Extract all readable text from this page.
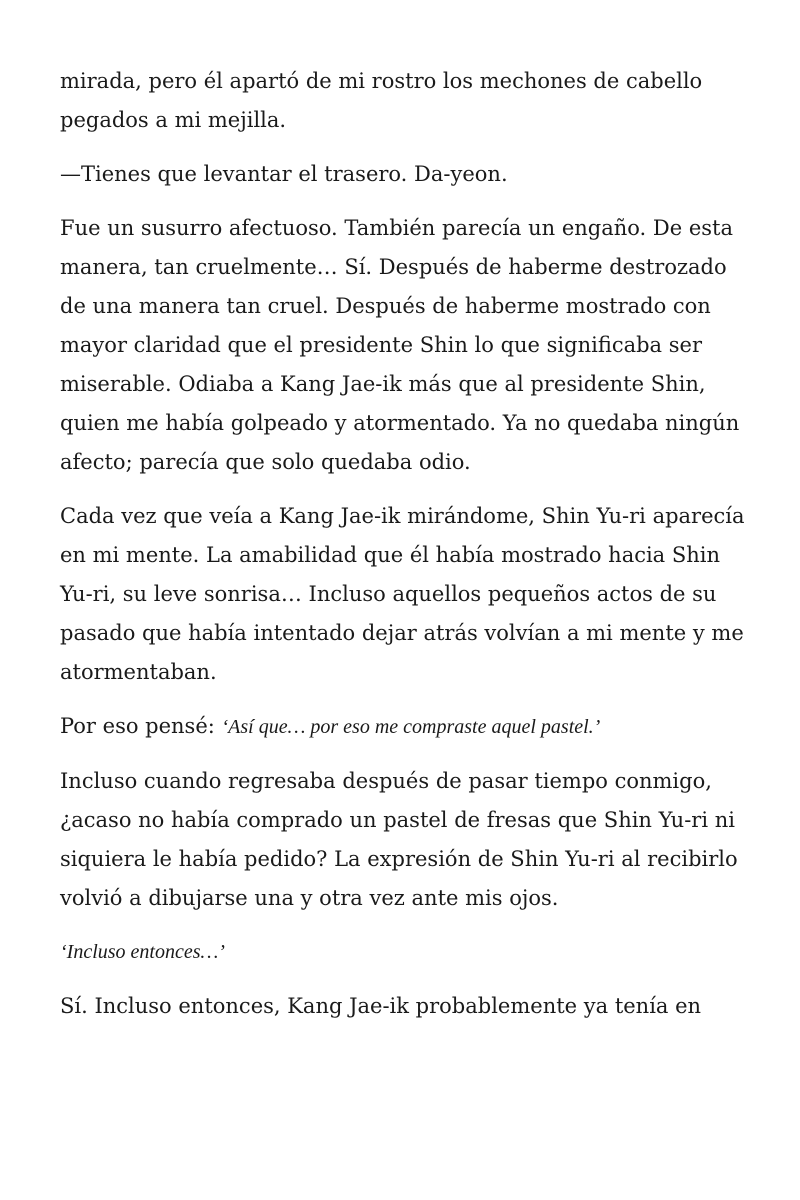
mirada, pero él apartó de mi rostro los mechones de cabello pegados a mi mejilla.

—Tienes que levantar el trasero. Da-yeon.

Fue un susurro afectuoso. También parecía un engaño. De esta manera, tan cruelmente… Sí. Después de haberme destrozado de una manera tan cruel. Después de haberme mostrado con mayor claridad que el presidente Shin lo que significaba ser miserable. Odiaba a Kang Jae-ik más que al presidente Shin, quien me había golpeado y atormentado. Ya no quedaba ningún afecto; parecía que solo quedaba odio.

Cada vez que veía a Kang Jae-ik mirándome, Shin Yu-ri aparecía en mi mente. La amabilidad que él había mostrado hacia Shin Yu-ri, su leve sonrisa… Incluso aquellos pequeños actos de su pasado que había intentado dejar atrás volvían a mi mente y me atormentaban.

Por eso pensé: ‘Así que… por eso me compraste aquel pastel.’

Incluso cuando regresaba después de pasar tiempo conmigo, ¿acaso no había comprado un pastel de fresas que Shin Yu-ri ni siquiera le había pedido? La expresión de Shin Yu-ri al recibirlo volvió a dibujarse una y otra vez ante mis ojos.

‘Incluso entonces…’

Sí. Incluso entonces, Kang Jae-ik probablemente ya tenía en
